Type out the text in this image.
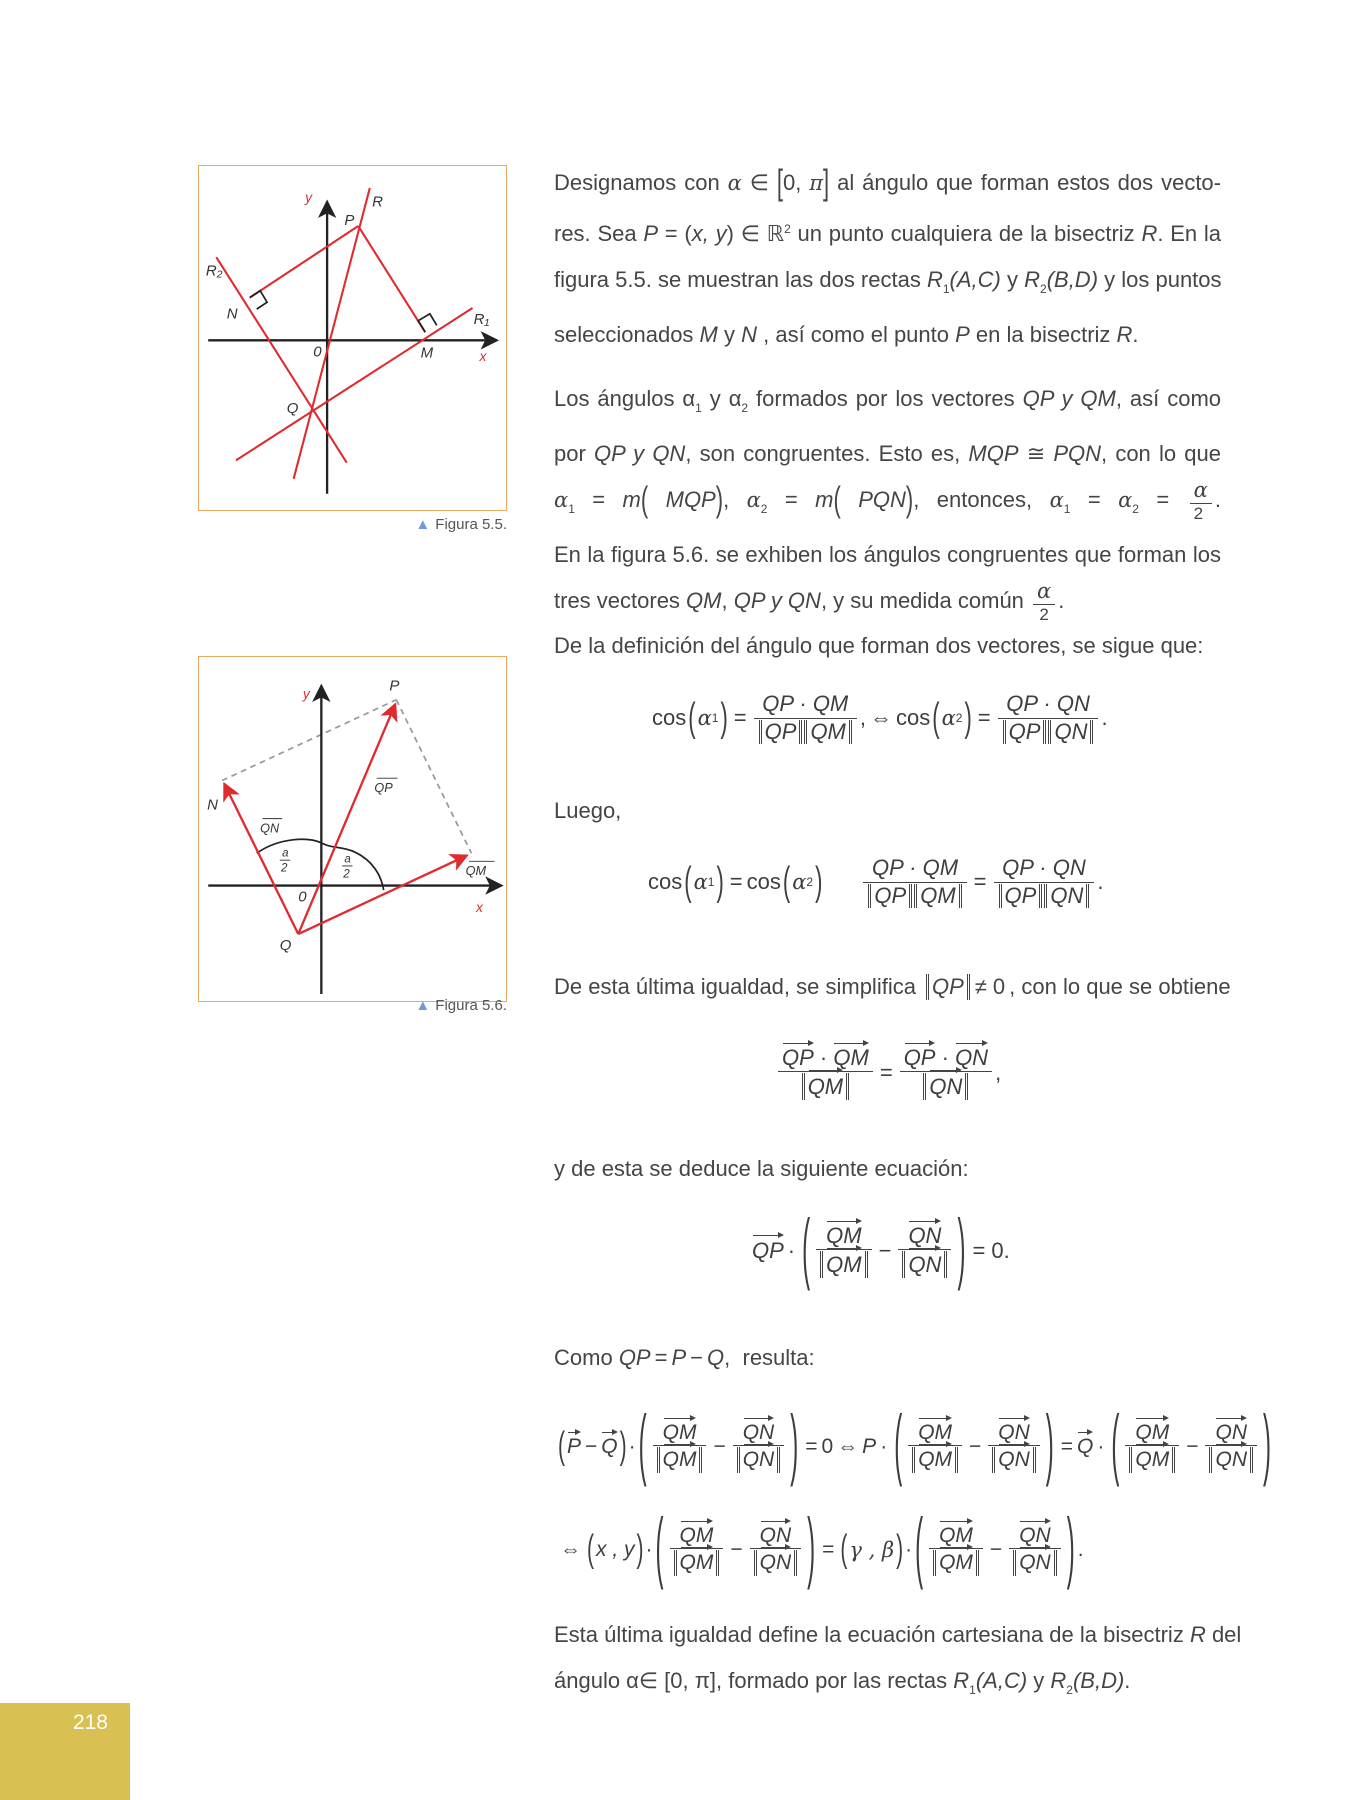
y
P
R
R₂
N	R₁
0	M	x
Q
▲ Figura 5.5.
y	P
N
QN
QP
QM
a
2
a
2
0
Q
x
▲ Figura 5.6.
Designamos con α ∈ [0, π] al ángulo que forman estos dos vecto-
res. Sea P = (x, y) ∈ ℝ$^2$ un punto cualquiera de la bisectriz R. En la
figura 5.5. se muestran las dos rectas $R_1(A,C)$ y $R_2(B,D)$ y los puntos
seleccionados M y N , así como el punto P en la bisectriz R.
Los ángulos $\alpha_1$ y $\alpha_2$ formados por los vectores QP y QM, así como
por QP y QN, son congruentes. Esto es, MQP ≅ PQN, con lo que
$\alpha_1 = m$( MQP), $\alpha_2 = m$( PQN), entonces, $\alpha_1 = \alpha_2 = \frac{\alpha}{2}$ .
En la figura 5.6. se exhiben los ángulos congruentes que forman los
tres vectores QM, QP y QN, y su medida común $\frac{\alpha}{2}$ .
De la definición del ángulo que forman dos vectores, se sigue que:
cos ( α 1 ) = $\frac{QP \cdot QM}{\text{QP QM}}$ , ⇔ cos ( α 2 ) = $\frac{QP \cdot QN}{\text{QP QN}}$ .
Luego,
cos ( α 1 ) = cos ( α 2 ) $\frac{QP \cdot QM}{\text{QP QM}} = \frac{QP \cdot QN}{\text{QP QN}}$ .
De esta última igualdad, se simplifica QP ≠ 0 , con lo que se obtiene
$\frac{QP \cdot QM}{QM} = \frac{QP \cdot QN}{QN}$ ,
y de esta se deduce la siguiente ecuación:
QP · ( $\frac{QM}{QM} - \frac{QN}{QN}$ ) = 0.
Como
QP = P − Q ,
resulta:
( P − Q ) · ( $\frac{QM}{QM} - \frac{QN}{QN}$ ) = 0 ⇔ P · ( $\frac{QM}{QM} - \frac{QN}{QN}$ ) = Q · ( $\frac{QM}{QM} - \frac{QN}{QN}$ )
⇔ ( x , y ) · ( $\frac{QM}{QM} - \frac{QN}{QN}$ ) = ( γ , β ) · ( $\frac{QM}{QM} - \frac{QN}{QN}$ ) .
Esta última igualdad define la ecuación cartesiana de la bisectriz R del
ángulo α∈ [0, π], formado por las rectas $R_1(A,C)$ y $R_2(B,D)$.
218
